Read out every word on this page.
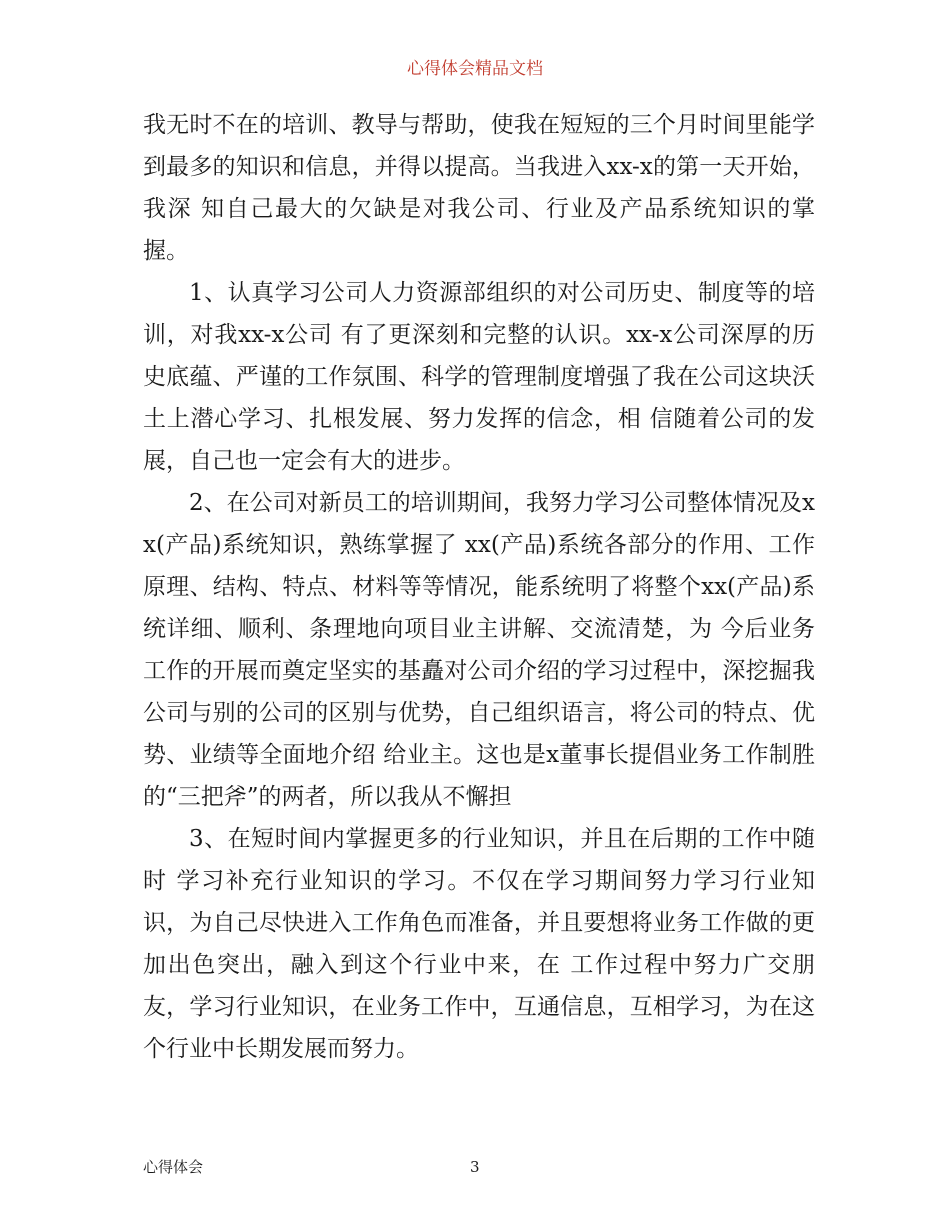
心得体会精品文档

我无时不在的培训、教导与帮助，使我在短短的三个月时间里能学到最多的知识和信息，并得以提高。当我进入xx-x的第一天开始，我深 知自己最大的欠缺是对我公司、行业及产品系统知识的掌握。

1、认真学习公司人力资源部组织的对公司历史、制度等的培训，对我xx-x公司 有了更深刻和完整的认识。xx-x公司深厚的历史底蕴、严谨的工作氛围、科学的管理制度增强了我在公司这块沃土上潜心学习、扎根发展、努力发挥的信念，相 信随着公司的发展，自己也一定会有大的进步。

2、在公司对新员工的培训期间，我努力学习公司整体情况及xx(产品)系统知识，熟练掌握了 xx(产品)系统各部分的作用、工作原理、结构、特点、材料等等情况，能系统明了将整个xx(产品)系统详细、顺利、条理地向项目业主讲解、交流清楚，为 今后业务工作的开展而奠定坚实的基矗对公司介绍的学习过程中，深挖掘我公司与别的公司的区别与优势，自己组织语言，将公司的特点、优势、业绩等全面地介绍 给业主。这也是x董事长提倡业务工作制胜的“三把斧”的两者，所以我从不懈担

3、在短时间内掌握更多的行业知识，并且在后期的工作中随时 学习补充行业知识的学习。不仅在学习期间努力学习行业知识，为自己尽快进入工作角色而准备，并且要想将业务工作做的更加出色突出，融入到这个行业中来，在 工作过程中努力广交朋友，学习行业知识，在业务工作中，互通信息，互相学习，为在这个行业中长期发展而努力。

心得体会	3
